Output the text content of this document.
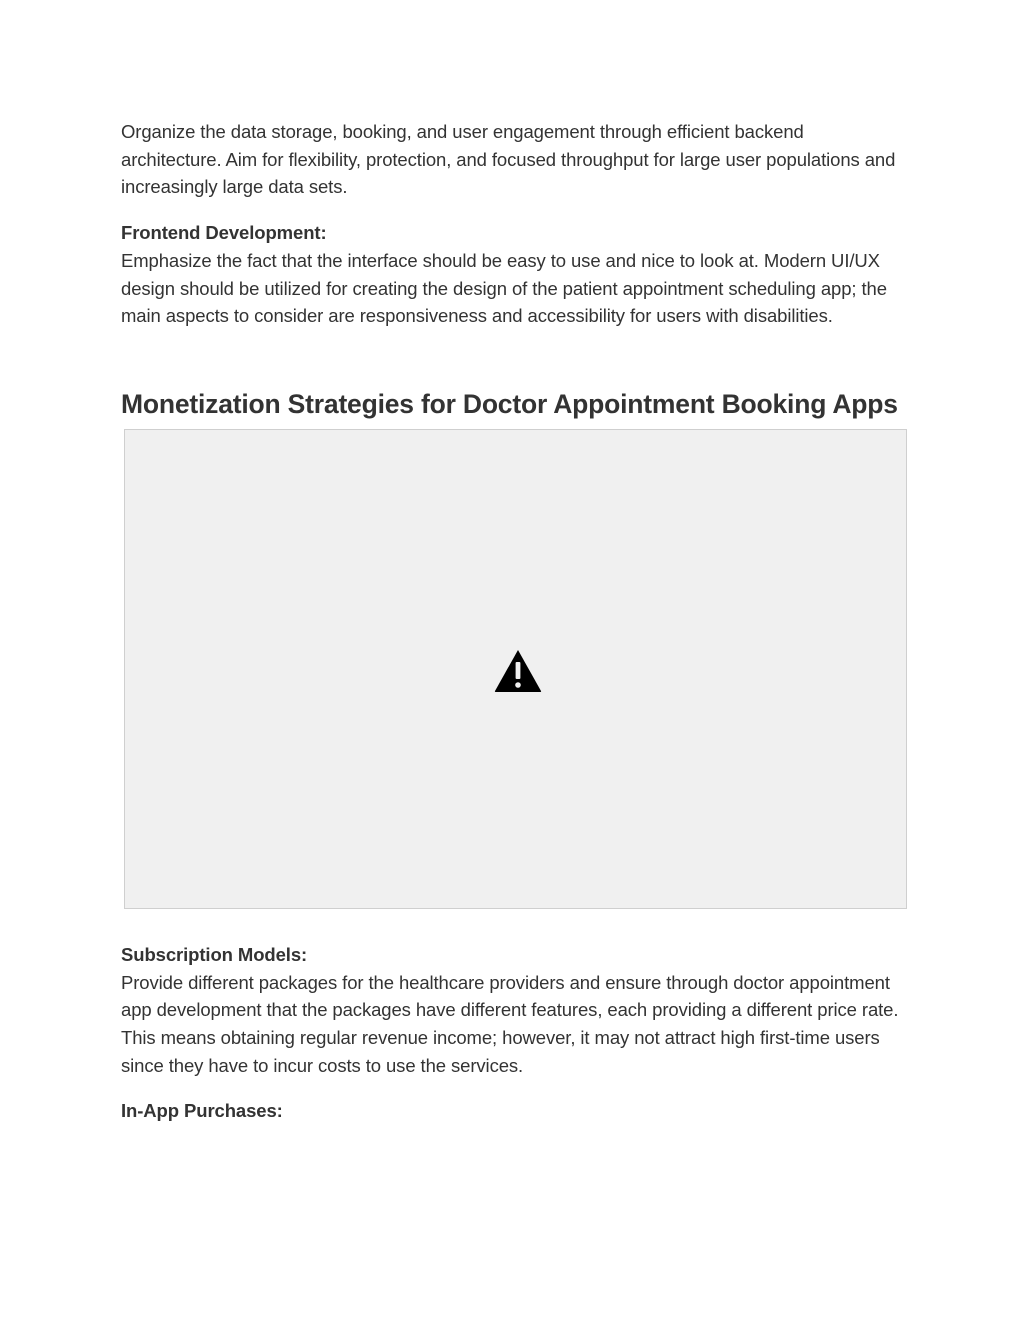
Organize the data storage, booking, and user engagement through efficient backend architecture. Aim for flexibility, protection, and focused throughput for large user populations and increasingly large data sets.

Frontend Development:
Emphasize the fact that the interface should be easy to use and nice to look at. Modern UI/UX design should be utilized for creating the design of the patient appointment scheduling app; the main aspects to consider are responsiveness and accessibility for users with disabilities.

Monetization Strategies for Doctor Appointment Booking Apps

Subscription Models:
Provide different packages for the healthcare providers and ensure through doctor appointment app development that the packages have different features, each providing a different price rate. This means obtaining regular revenue income; however, it may not attract high first-time users since they have to incur costs to use the services.

In-App Purchases:
